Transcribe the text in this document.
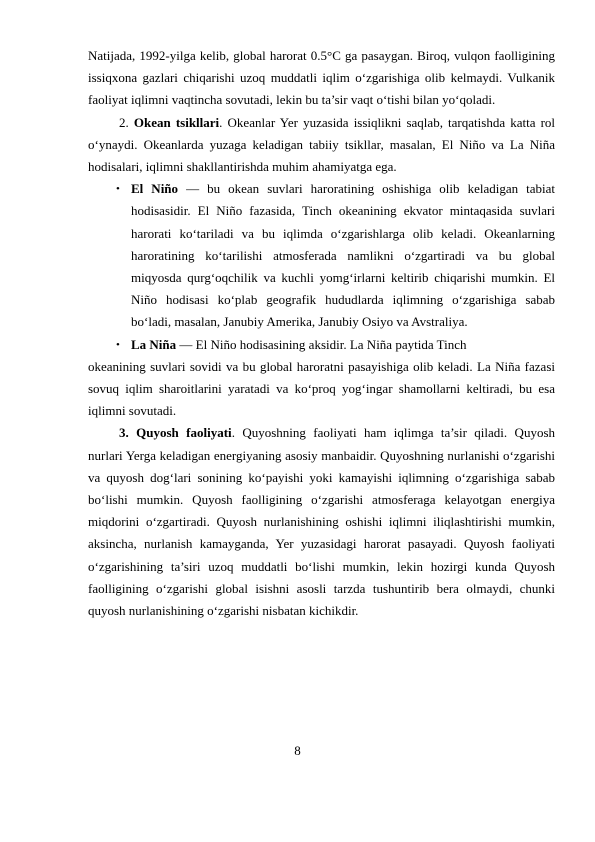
Natijada, 1992-yilga kelib, global harorat 0.5°C ga pasaygan. Biroq, vulqon faolligining issiqxona gazlari chiqarishi uzoq muddatli iqlim o‘zgarishiga olib kelmaydi. Vulkanik faoliyat iqlimni vaqtincha sovutadi, lekin bu ta’sir vaqt o‘tishi bilan yo‘qoladi.

2. Okean tsikllari. Okeanlar Yer yuzasida issiqlikni saqlab, tarqatishda katta rol o‘ynaydi. Okeanlarda yuzaga keladigan tabiiy tsikllar, masalan, El Niño va La Niña hodisalari, iqlimni shakllantirishda muhim ahamiyatga ega.

• El Niño — bu okean suvlari haroratining oshishiga olib keladigan tabiat hodisasidir. El Niño fazasida, Tinch okeanining ekvator mintaqasida suvlari harorati ko‘tariladi va bu iqlimda o‘zgarishlarga olib keladi. Okeanlarning haroratining ko‘tarilishi atmosferada namlikni o‘zgartiradi va bu global miqyosda qurg‘oqchilik va kuchli yomg‘irlarni keltirib chiqarishi mumkin. El Niño hodisasi ko‘plab geografik hududlarda iqlimning o‘zgarishiga sabab bo‘ladi, masalan, Janubiy Amerika, Janubiy Osiyo va Avstraliya.

• La Niña — El Niño hodisasining aksidir. La Niña paytida Tinch

okeanining suvlari sovidi va bu global haroratni pasayishiga olib keladi. La Niña fazasi sovuq iqlim sharoitlarini yaratadi va ko‘proq yog‘ingar shamollarni keltiradi, bu esa iqlimni sovutadi.

3. Quyosh faoliyati. Quyoshning faoliyati ham iqlimga ta’sir qiladi. Quyosh nurlari Yerga keladigan energiyaning asosiy manbaidir. Quyoshning nurlanishi o‘zgarishi va quyosh dog‘lari sonining ko‘payishi yoki kamayishi iqlimning o‘zgarishiga sabab bo‘lishi mumkin. Quyosh faolligining o‘zgarishi atmosferaga kelayotgan energiya miqdorini o‘zgartiradi. Quyosh nurlanishining oshishi iqlimni iliqlashtirishi mumkin, aksincha, nurlanish kamayganda, Yer yuzasidagi harorat pasayadi. Quyosh faoliyati o‘zgarishining ta’siri uzoq muddatli bo‘lishi mumkin, lekin hozirgi kunda Quyosh faolligining o‘zgarishi global isishni asosli tarzda tushuntirib bera olmaydi, chunki quyosh nurlanishining o‘zgarishi nisbatan kichikdir.

8
